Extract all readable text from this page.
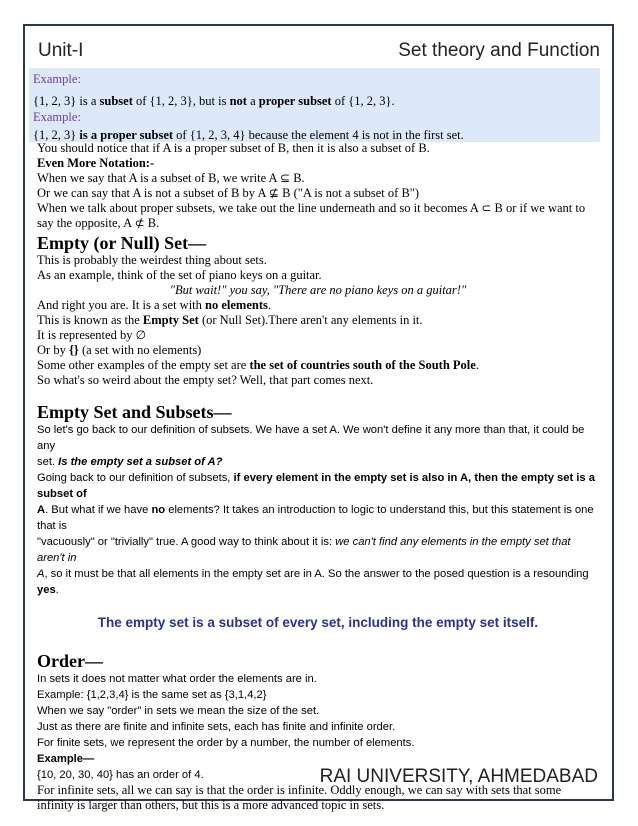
Unit-I	Set theory and Function
Example:
{1, 2, 3} is a subset of {1, 2, 3}, but is not a proper subset of {1, 2, 3}.
Example:
{1, 2, 3} is a proper subset of {1, 2, 3, 4} because the element 4 is not in the first set.

You should notice that if A is a proper subset of B, then it is also a subset of B.

Even More Notation:-

When we say that A is a subset of B, we write A ⊆ B.

Or we can say that A is not a subset of B by A ⊈ B ("A is not a subset of B")

When we talk about proper subsets, we take out the line underneath and so it becomes A ⊂ B or if we want to

say the opposite, A ⊄ B.

Empty (or Null) Set—

This is probably the weirdest thing about sets.

As an example, think of the set of piano keys on a guitar.

"But wait!" you say, "There are no piano keys on a guitar!"

And right you are. It is a set with no elements.

This is known as the Empty Set (or Null Set).There aren't any elements in it.

It is represented by ∅

Or by {} (a set with no elements)

Some other examples of the empty set are the set of countries south of the South Pole.

So what's so weird about the empty set? Well, that part comes next.

Empty Set and Subsets—

So let's go back to our definition of subsets. We have a set A. We won't define it any more than that, it could be any
set. Is the empty set a subset of A?
Going back to our definition of subsets, if every element in the empty set is also in A, then the empty set is a subset of
A. But what if we have no elements? It takes an introduction to logic to understand this, but this statement is one that is
"vacuously" or "trivially" true. A good way to think about it is: we can't find any elements in the empty set that aren't in
A, so it must be that all elements in the empty set are in A. So the answer to the posed question is a resounding yes.

The empty set is a subset of every set, including the empty set itself.

Order—

In sets it does not matter what order the elements are in.
Example: {1,2,3,4} is the same set as {3,1,4,2}
When we say "order" in sets we mean the size of the set.
Just as there are finite and infinite sets, each has finite and infinite order.
For finite sets, we represent the order by a number, the number of elements.
Example—
{10, 20, 30, 40} has an order of 4.

For infinite sets, all we can say is that the order is infinite. Oddly enough, we can say with sets that some

infinity is larger than others, but this is a more advanced topic in sets.

RAI UNIVERSITY, AHMEDABAD
